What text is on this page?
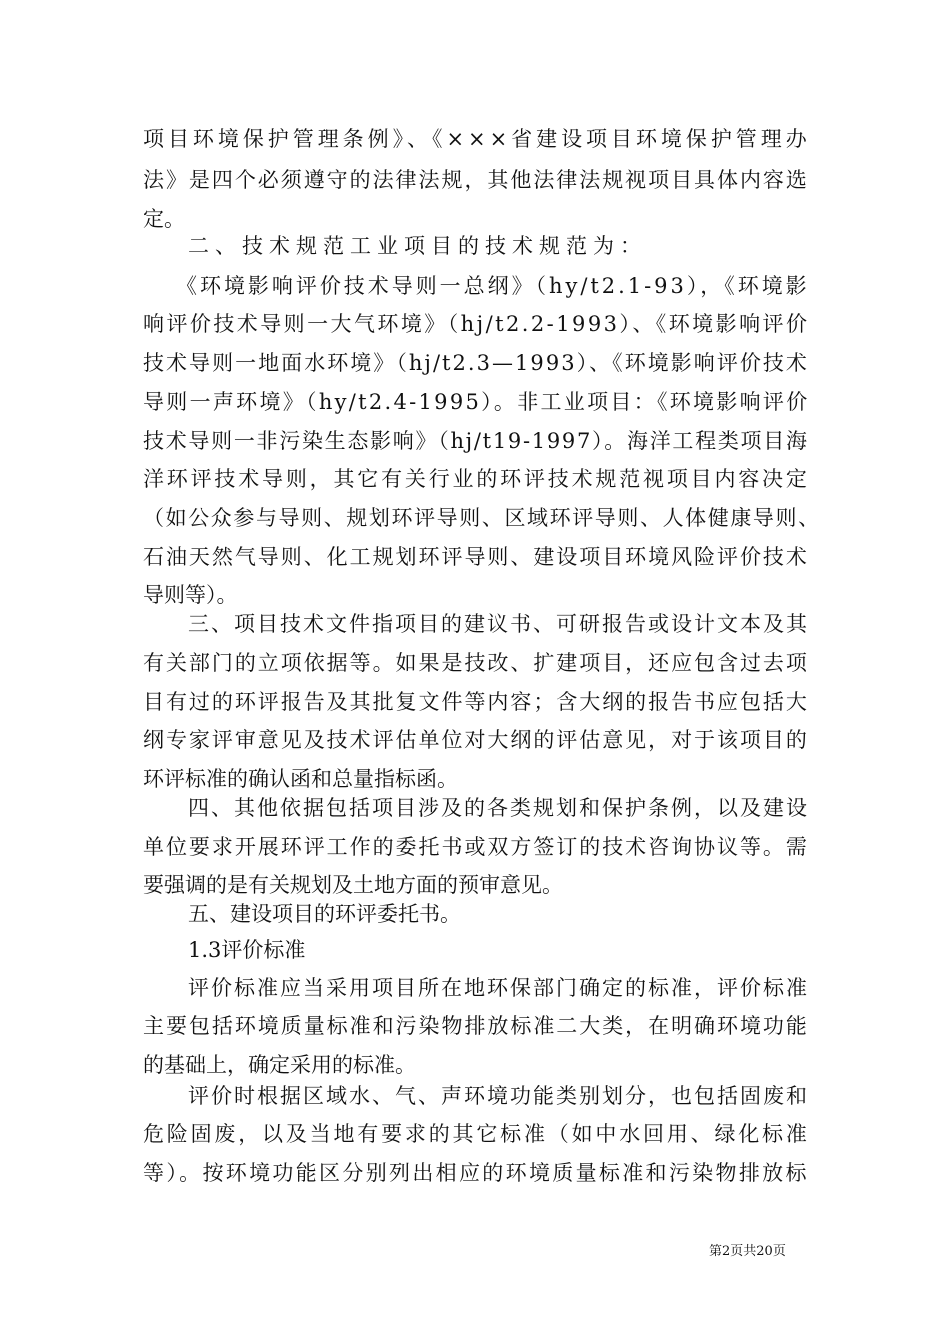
项目环境保护管理条例》、《×××省建设项目环境保护管理办
法》是四个必须遵守的法律法规，其他法律法规视项目具体内容选
定。
二、技术规范工业项目的技术规范为：
《环境影响评价技术导则一总纲》（hy/t2.1-93），《环境影
响评价技术导则一大气环境》（hj/t2.2-1993）、《环境影响评价
技术导则一地面水环境》（hj/t2.3—1993）、《环境影响评价技术
导则一声环境》（hy/t2.4-1995）。非工业项目：《环境影响评价
技术导则一非污染生态影响》（hj/t19-1997）。海洋工程类项目海
洋环评技术导则，其它有关行业的环评技术规范视项目内容决定
（如公众参与导则、规划环评导则、区域环评导则、人体健康导则、
石油天然气导则、化工规划环评导则、建设项目环境风险评价技术
导则等）。
三、项目技术文件指项目的建议书、可研报告或设计文本及其
有关部门的立项依据等。如果是技改、扩建项目，还应包含过去项
目有过的环评报告及其批复文件等内容；含大纲的报告书应包括大
纲专家评审意见及技术评估单位对大纲的评估意见，对于该项目的
环评标准的确认函和总量指标函。
四、其他依据包括项目涉及的各类规划和保护条例，以及建设
单位要求开展环评工作的委托书或双方签订的技术咨询协议等。需
要强调的是有关规划及土地方面的预审意见。
五、建设项目的环评委托书。
1.3评价标准
评价标准应当采用项目所在地环保部门确定的标准，评价标准
主要包括环境质量标准和污染物排放标准二大类，在明确环境功能
的基础上，确定采用的标准。
评价时根据区域水、气、声环境功能类别划分，也包括固废和
危险固废，以及当地有要求的其它标准（如中水回用、绿化标准
等）。按环境功能区分别列出相应的环境质量标准和污染物排放标
第2页共20页
